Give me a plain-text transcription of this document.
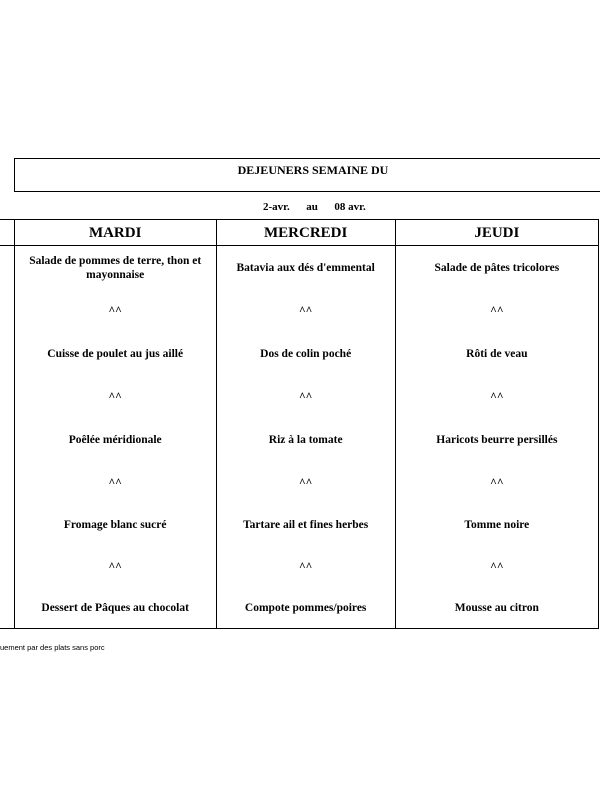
DEJEUNERS SEMAINE DU
2-avr. au 08 avr.
	MARDI	MERCREDI	JEUDI
	Salade de pommes de terre, thon et mayonnaise	Batavia aux dés d'emmental	Salade de pâtes tricolores
	^^	^^	^^
	Cuisse de poulet au jus aillé	Dos de colin poché	Rôti de veau
	^^	^^	^^
	Poêlée méridionale	Riz à la tomate	Haricots beurre persillés
	^^	^^	^^
	Fromage blanc sucré	Tartare ail et fines herbes	Tomme noire
	^^	^^	^^
	Dessert de Pâques au chocolat	Compote pommes/poires	Mousse au citron
uement par des plats sans porc
